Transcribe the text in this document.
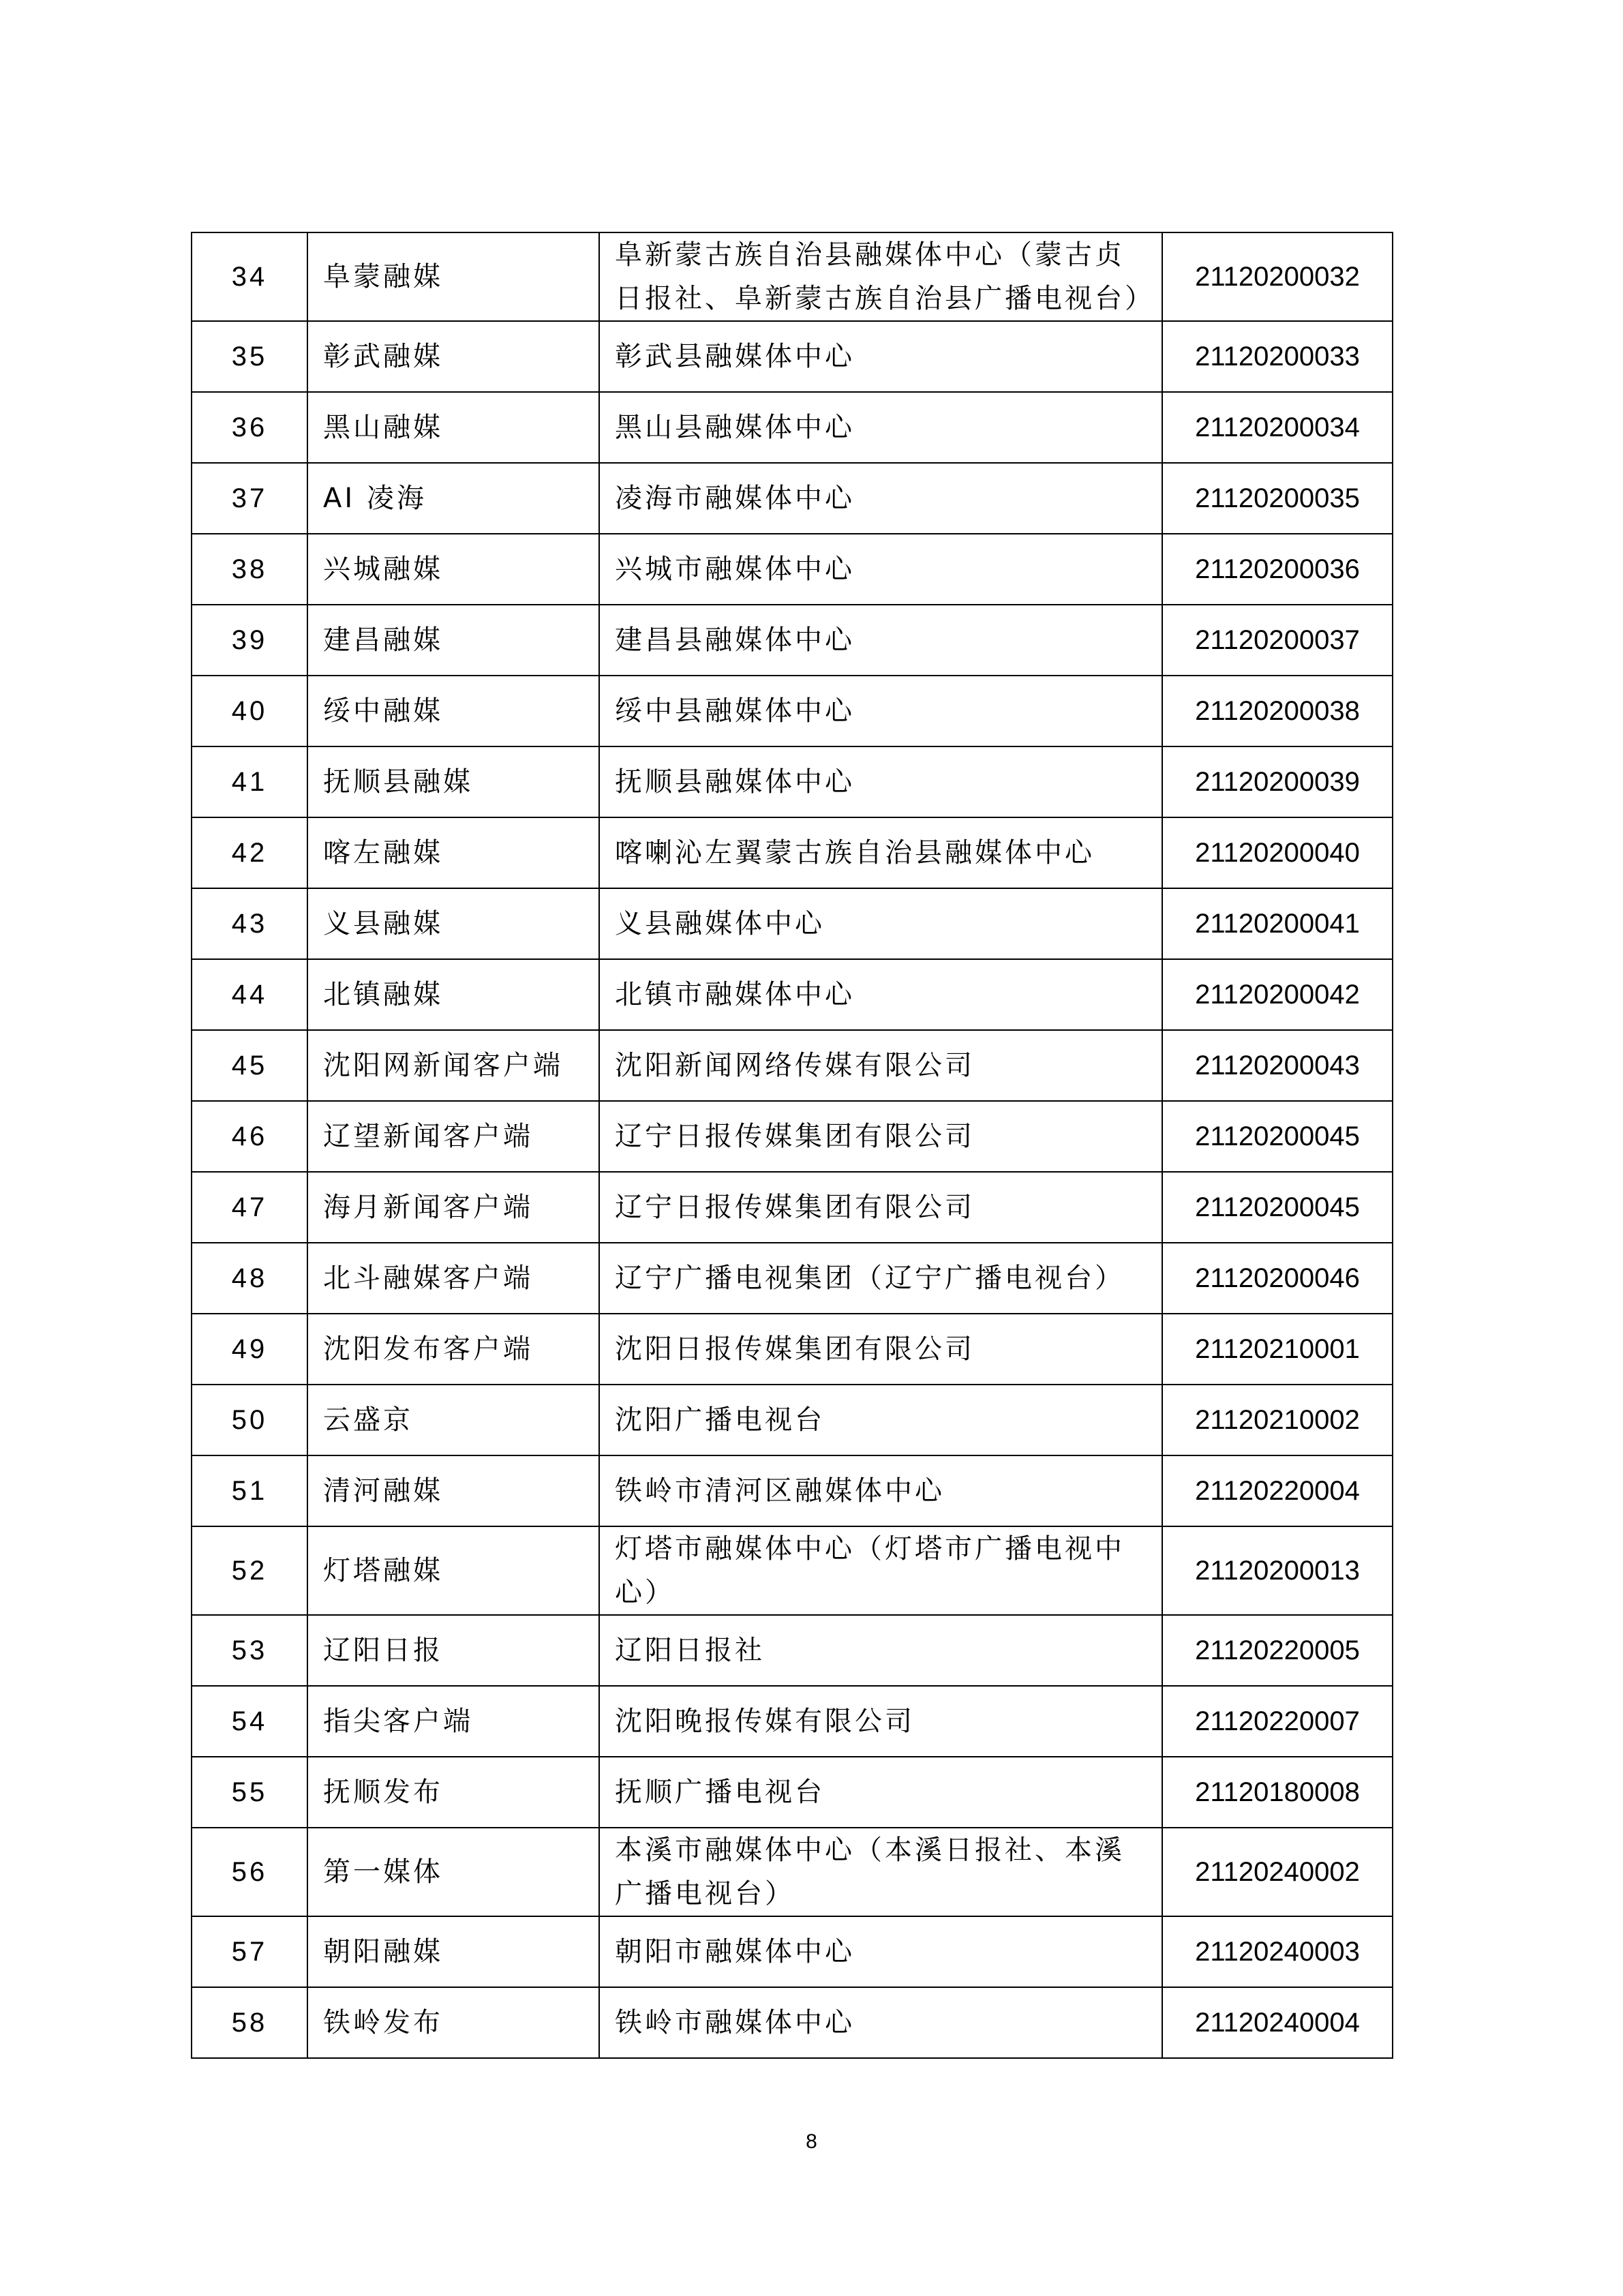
34	阜蒙融媒	阜新蒙古族自治县融媒体中心（蒙古贞日报社、阜新蒙古族自治县广播电视台）	21120200032
35	彰武融媒	彰武县融媒体中心	21120200033
36	黑山融媒	黑山县融媒体中心	21120200034
37	AI 凌海	凌海市融媒体中心	21120200035
38	兴城融媒	兴城市融媒体中心	21120200036
39	建昌融媒	建昌县融媒体中心	21120200037
40	绥中融媒	绥中县融媒体中心	21120200038
41	抚顺县融媒	抚顺县融媒体中心	21120200039
42	喀左融媒	喀喇沁左翼蒙古族自治县融媒体中心	21120200040
43	义县融媒	义县融媒体中心	21120200041
44	北镇融媒	北镇市融媒体中心	21120200042
45	沈阳网新闻客户端	沈阳新闻网络传媒有限公司	21120200043
46	辽望新闻客户端	辽宁日报传媒集团有限公司	21120200045
47	海月新闻客户端	辽宁日报传媒集团有限公司	21120200045
48	北斗融媒客户端	辽宁广播电视集团（辽宁广播电视台）	21120200046
49	沈阳发布客户端	沈阳日报传媒集团有限公司	21120210001
50	云盛京	沈阳广播电视台	21120210002
51	清河融媒	铁岭市清河区融媒体中心	21120220004
52	灯塔融媒	灯塔市融媒体中心（灯塔市广播电视中心）	21120200013
53	辽阳日报	辽阳日报社	21120220005
54	指尖客户端	沈阳晚报传媒有限公司	21120220007
55	抚顺发布	抚顺广播电视台	21120180008
56	第一媒体	本溪市融媒体中心（本溪日报社、本溪广播电视台）	21120240002
57	朝阳融媒	朝阳市融媒体中心	21120240003
58	铁岭发布	铁岭市融媒体中心	21120240004
8
